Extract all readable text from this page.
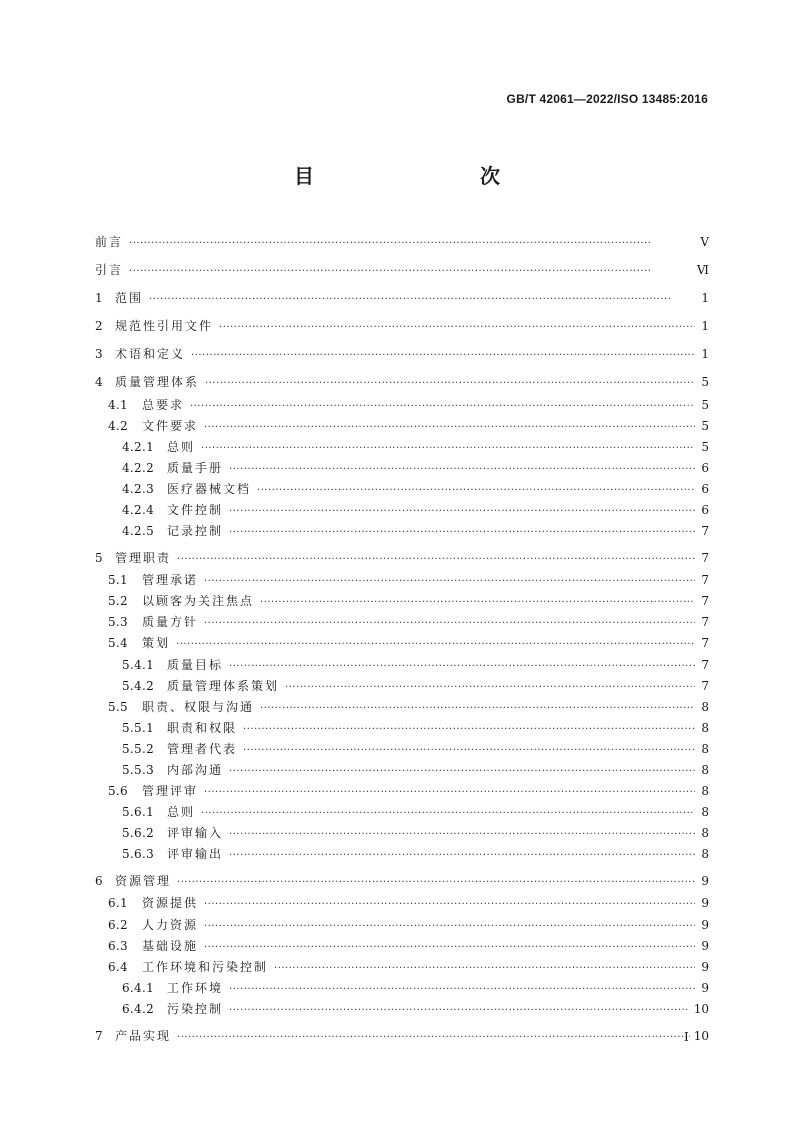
GB/T 42061—2022/ISO 13485:2016
目　　次
前言 ·····	Ⅴ
引言 ·····	Ⅵ
1	范围 ·····	1
2	规范性引用文件 ·····	1
3	术语和定义 ·····	1
4	质量管理体系 ·····	5
4.1	总要求 ·····	5
4.2	文件要求 ·····	5
4.2.1	总则 ·····	5
4.2.2	质量手册 ·····	6
4.2.3	医疗器械文档 ·····	6
4.2.4	文件控制 ·····	6
4.2.5	记录控制 ·····	7
5	管理职责 ·····	7
5.1	管理承诺 ·····	7
5.2	以顾客为关注焦点 ·····	7
5.3	质量方针 ·····	7
5.4	策划 ·····	7
5.4.1	质量目标 ·····	7
5.4.2	质量管理体系策划 ·····	7
5.5	职责、权限与沟通 ·····	8
5.5.1	职责和权限 ·····	8
5.5.2	管理者代表 ·····	8
5.5.3	内部沟通 ·····	8
5.6	管理评审 ·····	8
5.6.1	总则 ·····	8
5.6.2	评审输入 ·····	8
5.6.3	评审输出 ·····	8
6	资源管理 ·····	9
6.1	资源提供 ·····	9
6.2	人力资源 ·····	9
6.3	基础设施 ·····	9
6.4	工作环境和污染控制 ·····	9
6.4.1	工作环境 ·····	9
6.4.2	污染控制 ·····	10
7	产品实现 ·····	10
I
